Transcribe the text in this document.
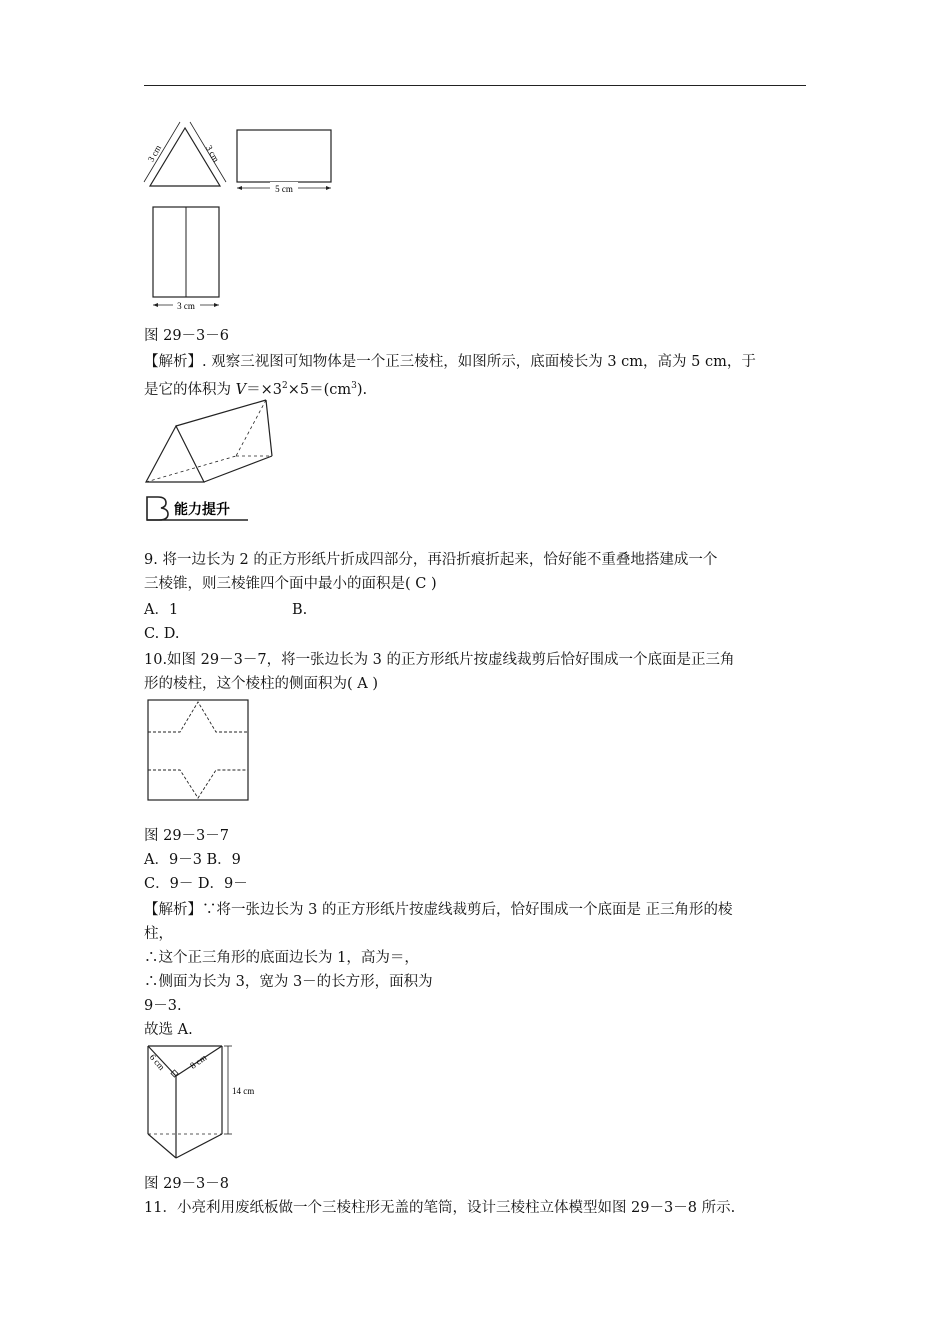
3 cm	3 cm
5 cm
3 cm
图 29－3－6
【解析】. 观察三视图可知物体是一个正三棱柱，如图所示，底面棱长为 3 cm，高为 5 cm，于
是它的体积为 $V=\times 3^2\times 5=(cm^3)$.
能力提升
9. 将一边长为 2 的正方形纸片折成四部分，再沿折痕折起来，恰好能不重叠地搭建成一个
三棱锥，则三棱锥四个面中最小的面积是( C )
A．1	B.
C. D.
10.如图 29－3－7，将一张边长为 3 的正方形纸片按虚线裁剪后恰好围成一个底面是正三角
形的棱柱，这个棱柱的侧面积为( A )
图 29－3－7
A．9－3 B．9
C．9－ D．9－
【解析】∵将一张边长为 3 的正方形纸片按虚线裁剪后，恰好围成一个底面是 正三角形的棱
柱，
∴这个正三角形的底面边长为 1，高为＝，
∴侧面为长为 3，宽为 3－的长方形，面积为
9－3.
故选 A.
6 cm 8 cm
14 cm
图 29－3－8
11．小亮利用废纸板做一个三棱柱形无盖的笔筒，设计三棱柱立体模型如图 29－3－8 所示.
